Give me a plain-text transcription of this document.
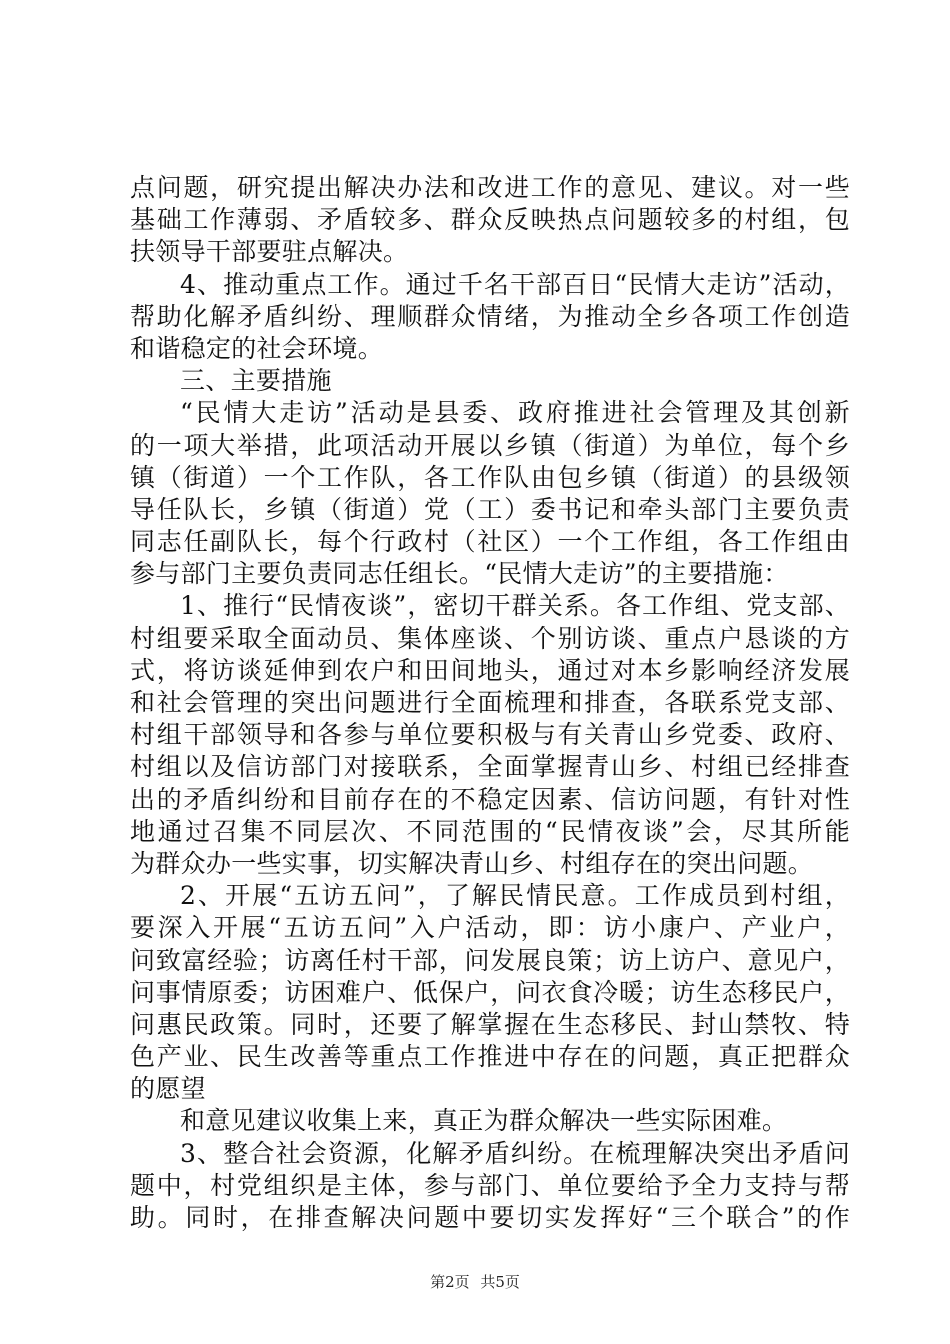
点问题，研究提出解决办法和改进工作的意见、建议。对一些
基础工作薄弱、矛盾较多、群众反映热点问题较多的村组，包
扶领导干部要驻点解决。
4、推动重点工作。通过千名干部百日“民情大走访”活动，
帮助化解矛盾纠纷、理顺群众情绪，为推动全乡各项工作创造
和谐稳定的社会环境。
三、主要措施
“民情大走访”活动是县委、政府推进社会管理及其创新
的一项大举措，此项活动开展以乡镇（街道）为单位，每个乡
镇（街道）一个工作队，各工作队由包乡镇（街道）的县级领
导任队长，乡镇（街道）党（工）委书记和牵头部门主要负责
同志任副队长，每个行政村（社区）一个工作组，各工作组由
参与部门主要负责同志任组长。“民情大走访”的主要措施：
1、推行“民情夜谈”，密切干群关系。各工作组、党支部、
村组要采取全面动员、集体座谈、个别访谈、重点户恳谈的方
式，将访谈延伸到农户和田间地头，通过对本乡影响经济发展
和社会管理的突出问题进行全面梳理和排查，各联系党支部、
村组干部领导和各参与单位要积极与有关青山乡党委、政府、
村组以及信访部门对接联系，全面掌握青山乡、村组已经排查
出的矛盾纠纷和目前存在的不稳定因素、信访问题，有针对性
地通过召集不同层次、不同范围的“民情夜谈”会，尽其所能
为群众办一些实事，切实解决青山乡、村组存在的突出问题。
2、开展“五访五问”，了解民情民意。工作成员到村组，
要深入开展“五访五问”入户活动，即：访小康户、产业户，
问致富经验；访离任村干部，问发展良策；访上访户、意见户，
问事情原委；访困难户、低保户，问衣食冷暖；访生态移民户，
问惠民政策。同时，还要了解掌握在生态移民、封山禁牧、特
色产业、民生改善等重点工作推进中存在的问题，真正把群众
的愿望
和意见建议收集上来，真正为群众解决一些实际困难。
3、整合社会资源，化解矛盾纠纷。在梳理解决突出矛盾问
题中，村党组织是主体，参与部门、单位要给予全力支持与帮
助。同时，在排查解决问题中要切实发挥好“三个联合”的作
第2页 共5页
